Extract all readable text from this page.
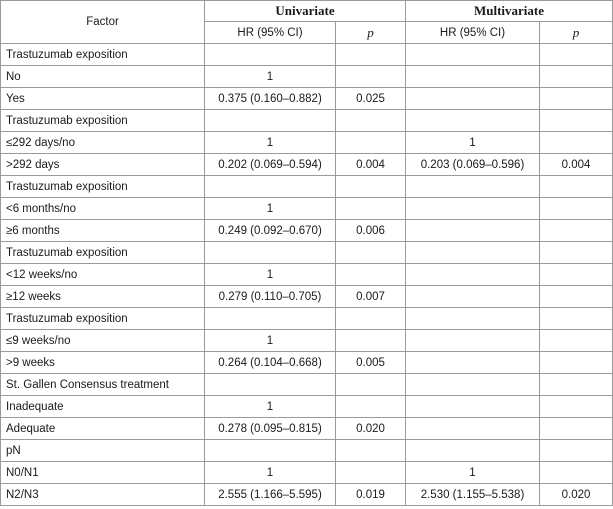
Factor	Univariate		Multivariate	
	HR (95% CI)	p	HR (95% CI)	p
Trastuzumab exposition				
No	1			
Yes	0.375 (0.160–0.882)	0.025		
Trastuzumab exposition				
≤292 days/no	1		1	
>292 days	0.202 (0.069–0.594)	0.004	0.203 (0.069–0.596)	0.004
Trastuzumab exposition				
<6 months/no	1			
≥6 months	0.249 (0.092–0.670)	0.006		
Trastuzumab exposition				
<12 weeks/no	1			
≥12 weeks	0.279 (0.110–0.705)	0.007		
Trastuzumab exposition				
≤9 weeks/no	1			
>9 weeks	0.264 (0.104–0.668)	0.005		
St. Gallen Consensus treatment				
Inadequate	1			
Adequate	0.278 (0.095–0.815)	0.020		
pN				
N0/N1	1		1	
N2/N3	2.555 (1.166–5.595)	0.019	2.530 (1.155–5.538)	0.020
